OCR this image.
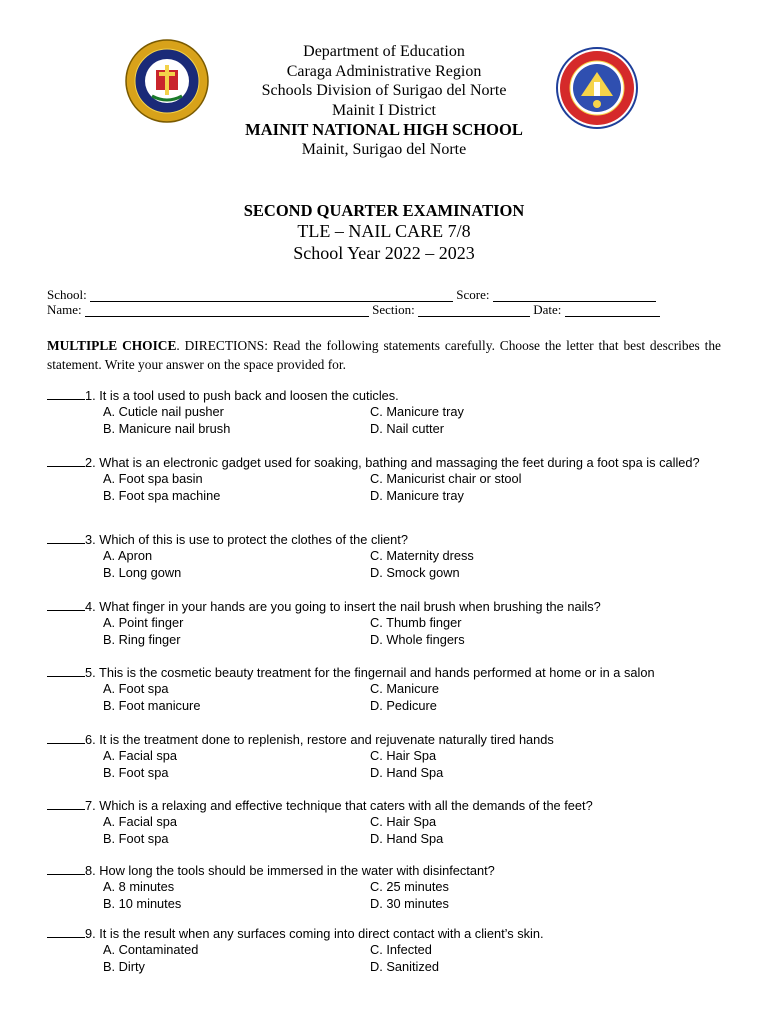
Department of Education
Caraga Administrative Region
Schools Division of Surigao del Norte
Mainit I District
MAINIT NATIONAL HIGH SCHOOL
Mainit, Surigao del Norte
SECOND QUARTER EXAMINATION
TLE – NAIL CARE 7/8
School Year 2022 – 2023
School:	Score:
Name:	Section:	Date:
MULTIPLE CHOICE. DIRECTIONS: Read the following statements carefully. Choose the letter that best describes the statement. Write your answer on the space provided for.
1. It is a tool used to push back and loosen the cuticles.
A. Cuticle nail pusher
B. Manicure nail brush
C. Manicure tray
D. Nail cutter
2. What is an electronic gadget used for soaking, bathing and massaging the feet during a foot spa is called?
A. Foot spa basin
B. Foot spa machine
C. Manicurist chair or stool
D. Manicure tray
3. Which of this is use to protect the clothes of the client?
A. Apron
B. Long gown
C. Maternity dress
D. Smock gown
4. What finger in your hands are you going to insert the nail brush when brushing the nails?
A. Point finger
B. Ring finger
C. Thumb finger
D. Whole fingers
5. This is the cosmetic beauty treatment for the fingernail and hands performed at home or in a salon
A. Foot spa
B. Foot manicure
C. Manicure
D. Pedicure
6. It is the treatment done to replenish, restore and rejuvenate naturally tired hands
A. Facial spa
B. Foot spa
C. Hair Spa
D. Hand Spa
7. Which is a relaxing and effective technique that caters with all the demands of the feet?
A. Facial spa
B. Foot spa
C. Hair Spa
D. Hand Spa
8. How long the tools should be immersed in the water with disinfectant?
A. 8 minutes
B. 10 minutes
C. 25 minutes
D. 30 minutes
9. It is the result when any surfaces coming into direct contact with a client’s skin.
A. Contaminated
B. Dirty
C. Infected
D. Sanitized
